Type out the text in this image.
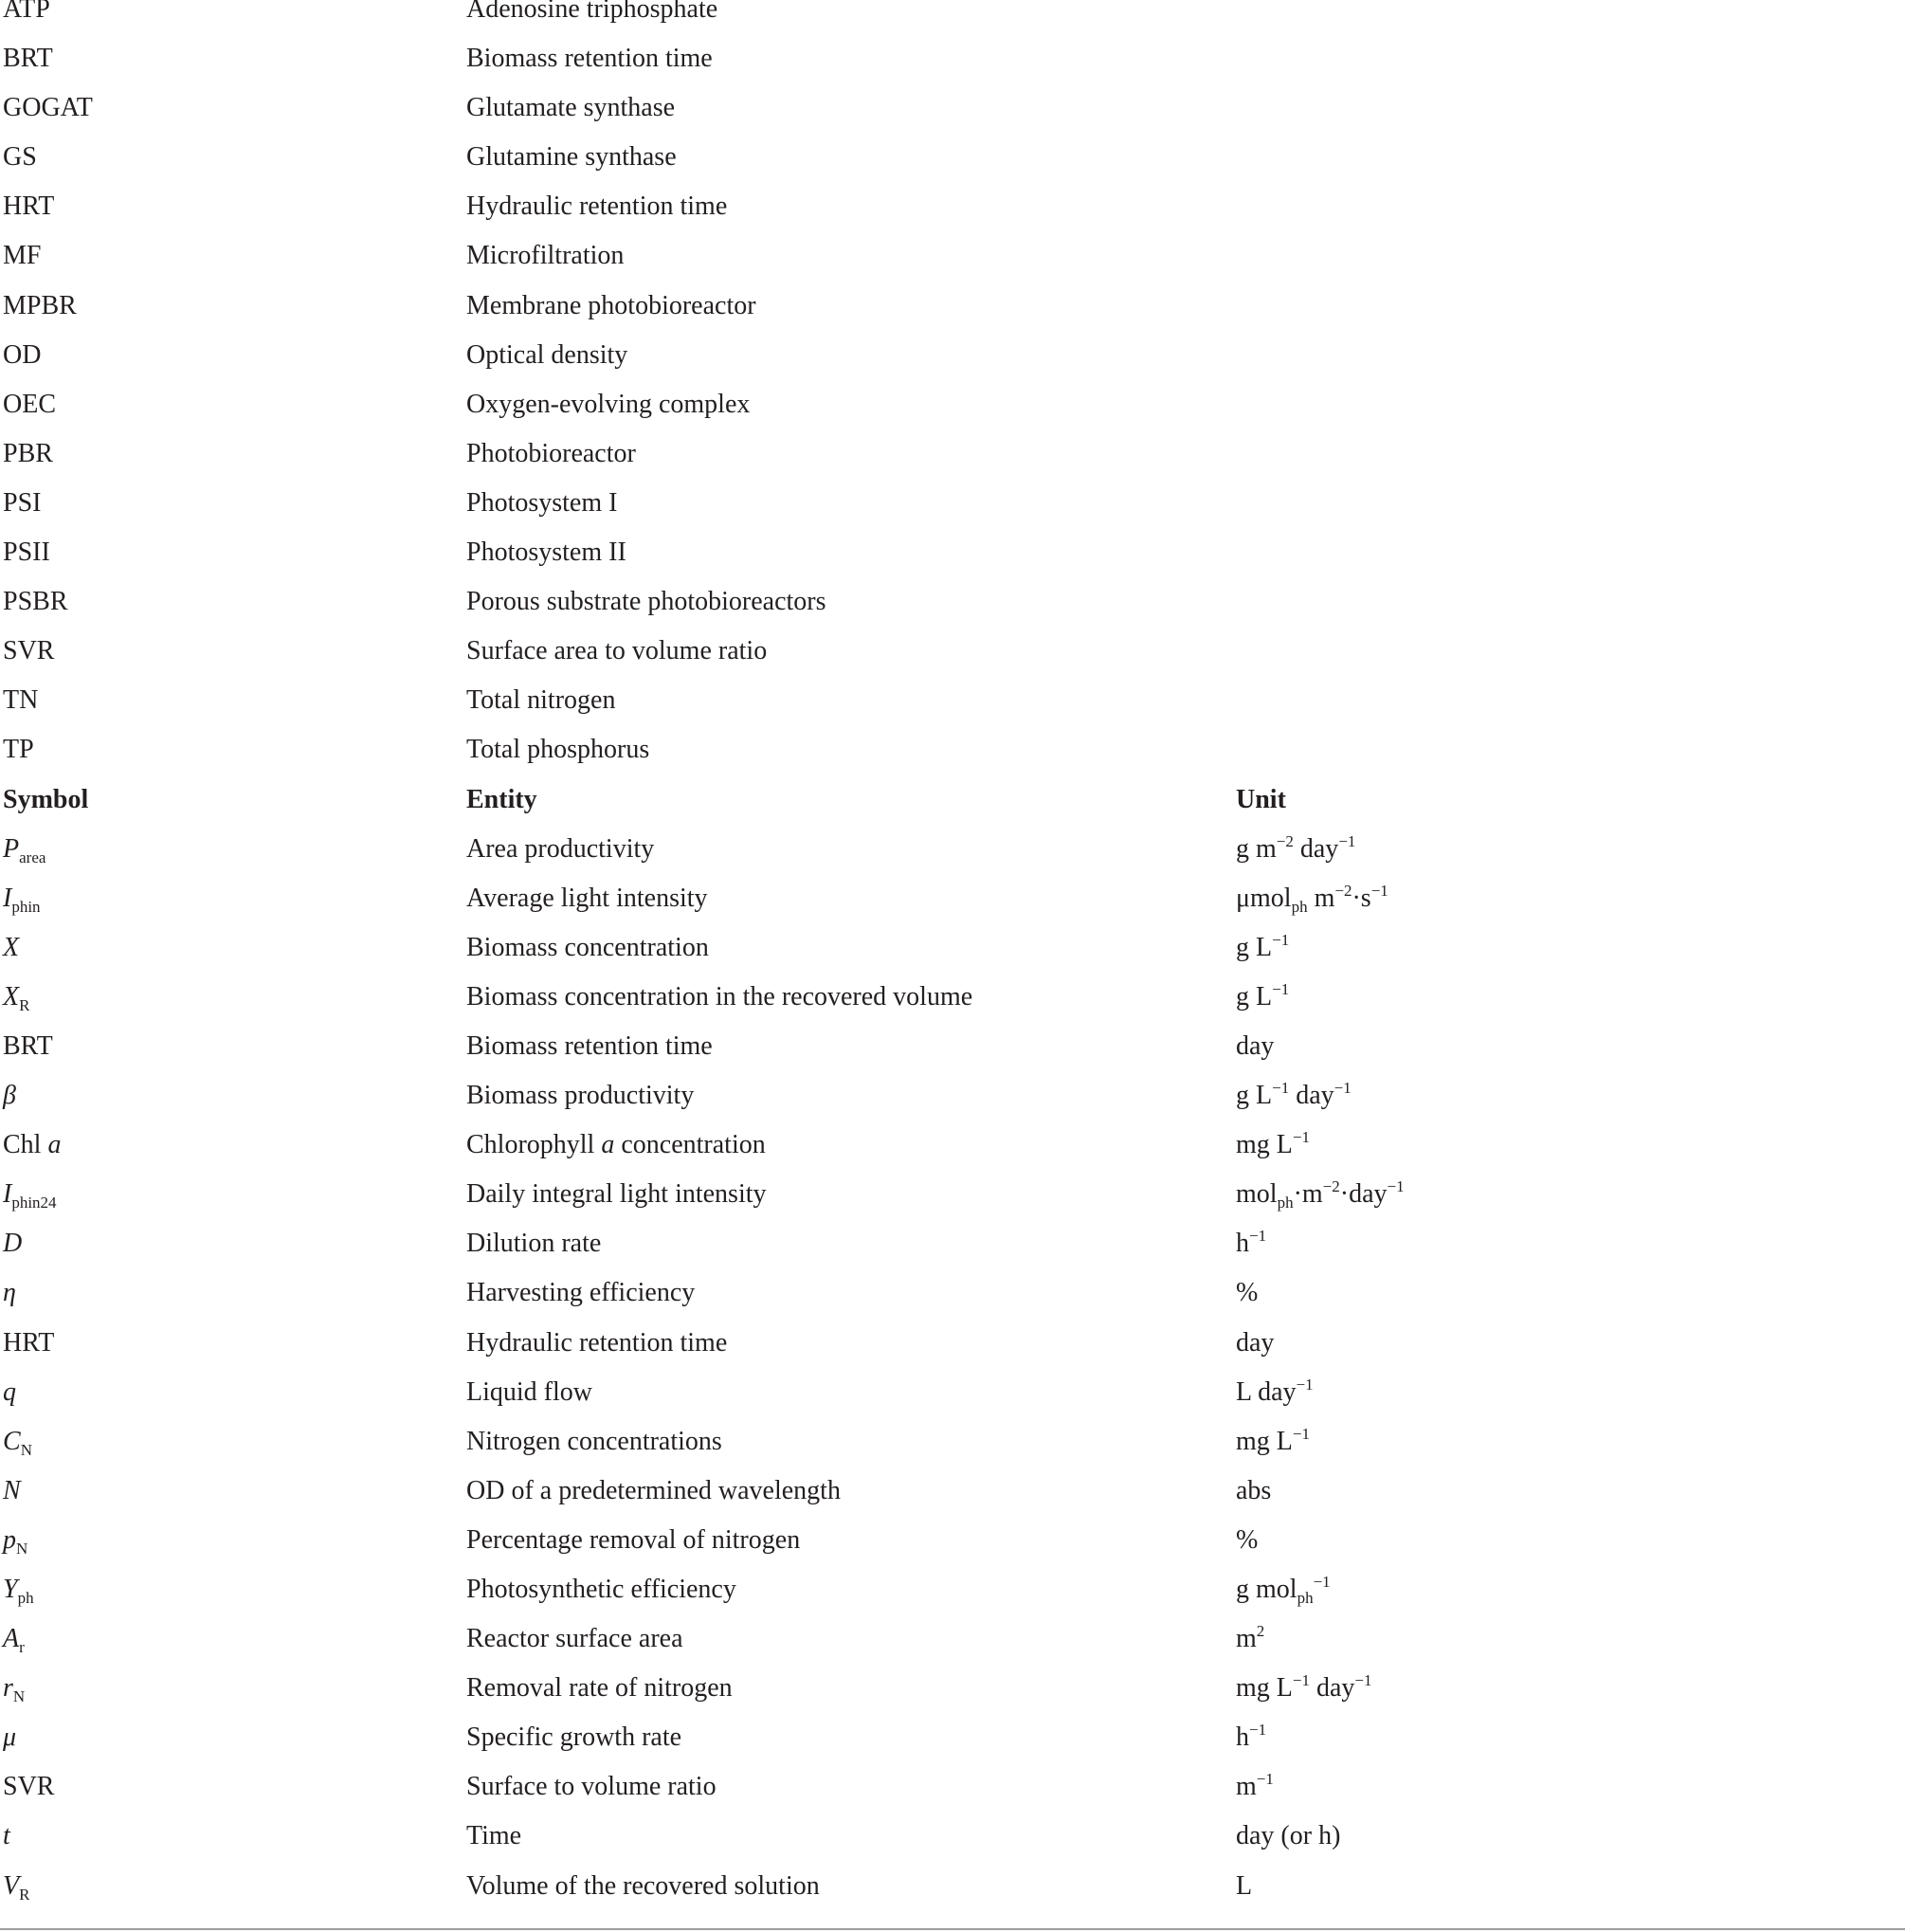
ATP	Adenosine triphosphate
BRT	Biomass retention time
GOGAT	Glutamate synthase
GS	Glutamine synthase
HRT	Hydraulic retention time
MF	Microfiltration
MPBR	Membrane photobioreactor
OD	Optical density
OEC	Oxygen-evolving complex
PBR	Photobioreactor
PSI	Photosystem I
PSII	Photosystem II
PSBR	Porous substrate photobioreactors
SVR	Surface area to volume ratio
TN	Total nitrogen
TP	Total phosphorus
Symbol	Entity	Unit
$P_{area}$	Area productivity	g $m^{-2}$ day$^{-1}$
$I_{phin}$	Average light intensity	μmol$_{ph}$ $m^{-2}\cdot s^{-1}$
X	Biomass concentration	g $L^{-1}$
$X_R$	Biomass concentration in the recovered volume	g $L^{-1}$
BRT	Biomass retention time	day
β	Biomass productivity	g $L^{-1}$ day$^{-1}$
Chl a	Chlorophyll a concentration	mg $L^{-1}$
$I_{phin24}$	Daily integral light intensity	$mol_{ph}\cdot m^{-2}\cdot day^{-1}$
D	Dilution rate	$h^{-1}$
η	Harvesting efficiency	%
HRT	Hydraulic retention time	day
q	Liquid flow	L day$^{-1}$
$C_N$	Nitrogen concentrations	mg $L^{-1}$
N	OD of a predetermined wavelength	abs
$p_N$	Percentage removal of nitrogen	%
$Y_{ph}$	Photosynthetic efficiency	g mol$_{ph}^{-1}$
$A_r$	Reactor surface area	$m^2$
$r_N$	Removal rate of nitrogen	mg $L^{-1}$ day$^{-1}$
μ	Specific growth rate	$h^{-1}$
SVR	Surface to volume ratio	$m^{-1}$
t	Time	day (or h)
$V_R$	Volume of the recovered solution	L
